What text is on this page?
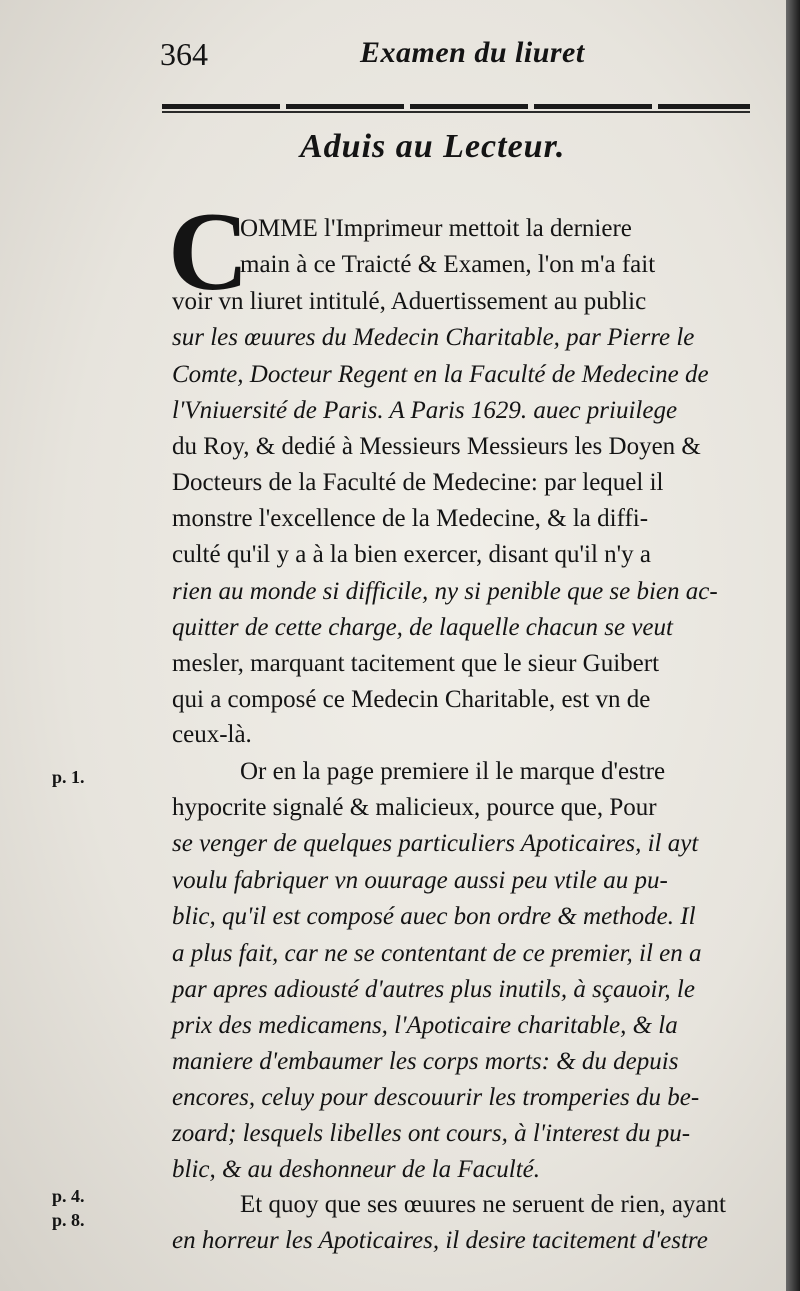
364	Examen du liuret
Aduis au Lecteur.
C
OMME l'Imprimeur mettoit la derniere
main à ce Traicté & Examen, l'on m'a fait
voir vn liuret intitulé, Aduertissement au public
sur les œuures du Medecin Charitable, par Pierre le
Comte, Docteur Regent en la Faculté de Medecine de
l'Vniuersité de Paris. A Paris 1629. auec priuilege
du Roy, & dedié à Messieurs Messieurs les Doyen &
Docteurs de la Faculté de Medecine: par lequel il
monstre l'excellence de la Medecine, & la diffi-
culté qu'il y a à la bien exercer, disant qu'il n'y a
rien au monde si difficile, ny si penible que se bien ac-
quitter de cette charge, de laquelle chacun se veut
mesler, marquant tacitement que le sieur Guibert
qui a composé ce Medecin Charitable, est vn de
ceux-là.
Or en la page premiere il le marque d'estre
hypocrite signalé & malicieux, pource que, Pour
se venger de quelques particuliers Apoticaires, il ayt
voulu fabriquer vn ouurage aussi peu vtile au pu-
blic, qu'il est composé auec bon ordre & methode. Il
a plus fait, car ne se contentant de ce premier, il en a
par apres adiousté d'autres plus inutils, à sçauoir, le
prix des medicamens, l'Apoticaire charitable, & la
maniere d'embaumer les corps morts: & du depuis
encores, celuy pour descouurir les tromperies du be-
zoard; lesquels libelles ont cours, à l'interest du pu-
blic, & au deshonneur de la Faculté.
Et quoy que ses œuures ne seruent de rien, ayant
en horreur les Apoticaires, il desire tacitement d'estre
p. 1.
p. 4.
p. 8.
